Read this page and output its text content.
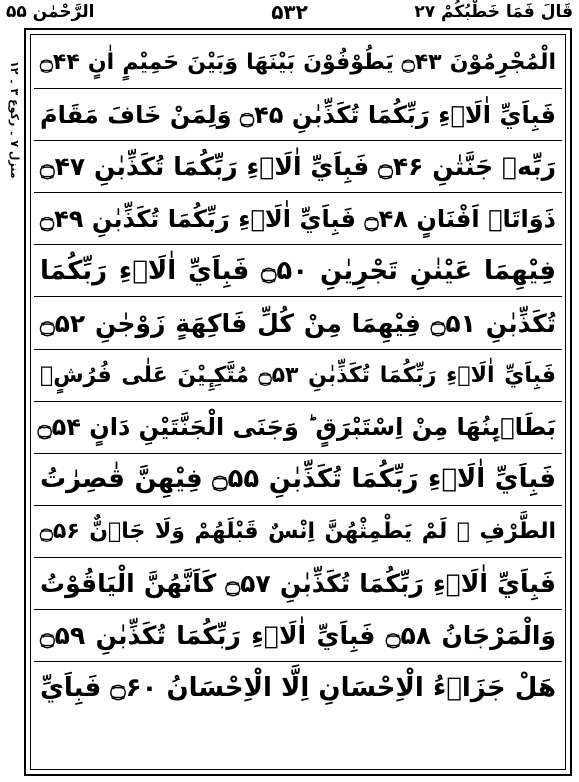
قَالَ فَمَا خَطْبُكُمْ ۲۷
۵۳۲
الرَّحْمٰن ۵۵
منزل ۷ ۔ رکوع ۳ ۔ ۱۲
الْمُجْرِمُوْنَ ۝۴۳ يَطُوْفُوْنَ بَيْنَهَا وَبَيْنَ حَمِيْمٍ اٰنٍ ۝۴۴
فَبِاَيِّ اٰلَاۤءِ رَبِّكُمَا تُكَذِّبٰنِ ۝۴۵ وَلِمَنْ خَافَ مَقَامَ
رَبِّهٖ جَنَّتٰنِ ۝۴۶ فَبِاَيِّ اٰلَاۤءِ رَبِّكُمَا تُكَذِّبٰنِ ۝۴۷
ذَوَاتَاۤ اَفْنَانٍ ۝۴۸ فَبِاَيِّ اٰلَاۤءِ رَبِّكُمَا تُكَذِّبٰنِ ۝۴۹
فِيْهِمَا عَيْنٰنِ تَجْرِيٰنِ ۝۵۰ فَبِاَيِّ اٰلَاۤءِ رَبِّكُمَا
تُكَذِّبٰنِ ۝۵۱ فِيْهِمَا مِنْ كُلِّ فَاكِهَةٍ زَوْجٰنِ ۝۵۲
فَبِاَيِّ اٰلَاۤءِ رَبِّكُمَا تُكَذِّبٰنِ ۝۵۳ مُتَّكِـِٕيْنَ عَلٰى فُرُشٍۭ
بَطَاۤىِٕنُهَا مِنْ اِسْتَبْرَقٍ ؕ وَجَنَى الْجَنَّتَيْنِ دَانٍ ۝۵۴
فَبِاَيِّ اٰلَاۤءِ رَبِّكُمَا تُكَذِّبٰنِ ۝۵۵ فِيْهِنَّ قٰصِرٰتُ
الطَّرْفِ ۙ لَمْ يَطْمِثْهُنَّ اِنْسٌ قَبْلَهُمْ وَلَا جَاۤنٌّ ۝۵۶
فَبِاَيِّ اٰلَاۤءِ رَبِّكُمَا تُكَذِّبٰنِ ۝۵۷ كَاَنَّهُنَّ الْيَاقُوْتُ
وَالْمَرْجَانُ ۝۵۸ فَبِاَيِّ اٰلَاۤءِ رَبِّكُمَا تُكَذِّبٰنِ ۝۵۹
هَلْ جَزَاۤءُ الْاِحْسَانِ اِلَّا الْاِحْسَانُ ۝۶۰ فَبِاَيِّ
